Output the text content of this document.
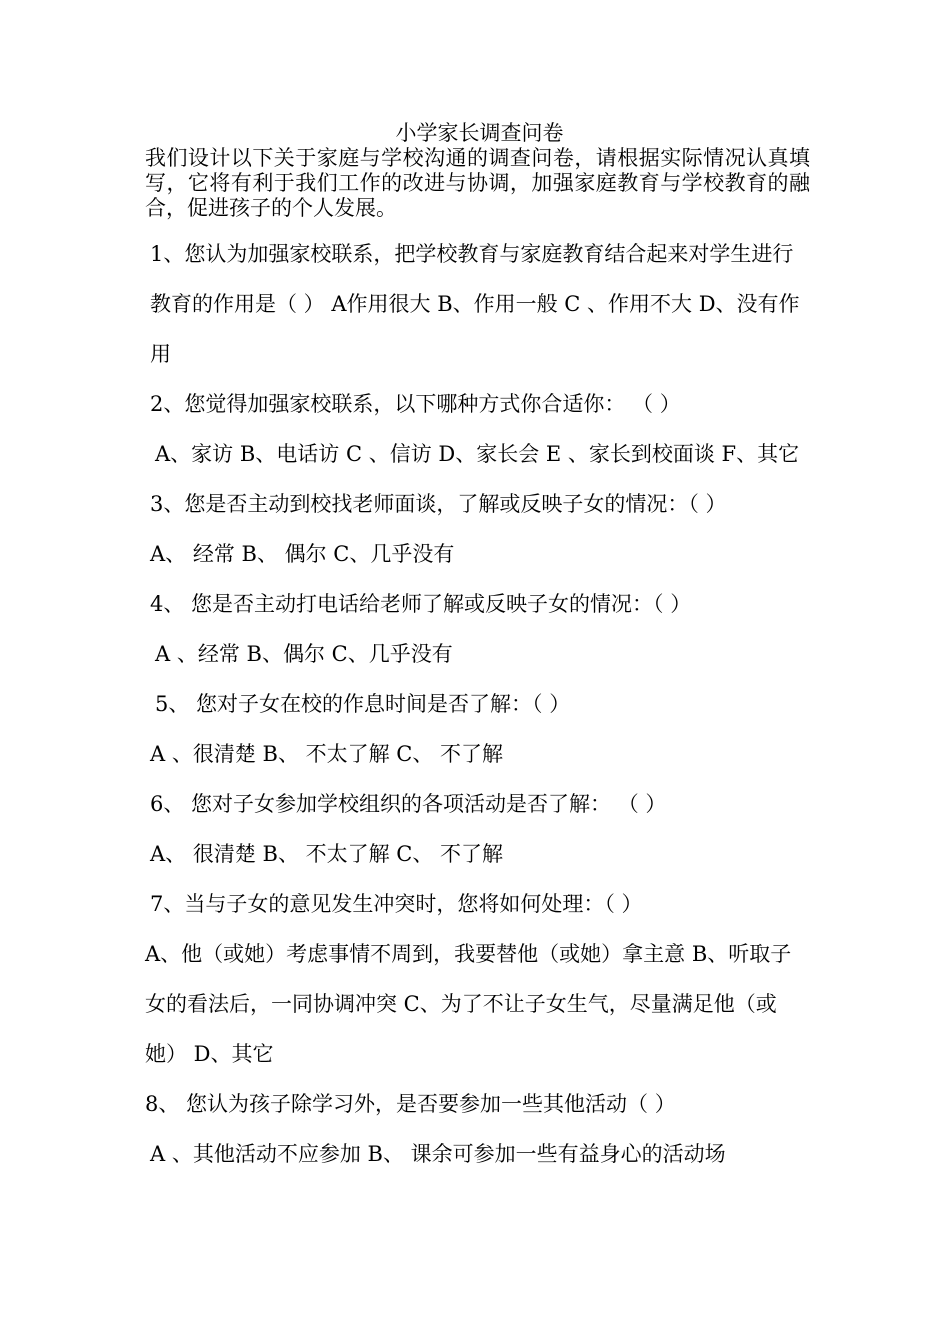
小学家长调查问卷

我们设计以下关于家庭与学校沟通的调查问卷，请根据实际情况认真填写，它将有利于我们工作的改进与协调，加强家庭教育与学校教育的融合，促进孩子的个人发展。

1、您认为加强家校联系，把学校教育与家庭教育结合起来对学生进行教育的作用是（ ） A作用很大 B、作用一般 C 、作用不大 D、没有作用
2、您觉得加强家校联系，以下哪种方式你合适你： （ ）
A、家访 B、电话访 C 、信访 D、家长会 E 、家长到校面谈 F、其它
3、您是否主动到校找老师面谈，了解或反映子女的情况：（ ）
A、 经常 B、 偶尔 C、几乎没有
4、 您是否主动打电话给老师了解或反映子女的情况：（ ）
A 、经常 B、偶尔 C、几乎没有
5、 您对子女在校的作息时间是否了解：（ ）
A 、很清楚 B、 不太了解 C、 不了解
6、 您对子女参加学校组织的各项活动是否了解： （ ）
A、 很清楚 B、 不太了解 C、 不了解
7、当与子女的意见发生冲突时，您将如何处理：（ ）
A、他（或她）考虑事情不周到，我要替他（或她）拿主意 B、听取子女的看法后，一同协调冲突 C、为了不让子女生气，尽量满足他（或她） D、其它
8、 您认为孩子除学习外，是否要参加一些其他活动（ ）
A 、其他活动不应参加 B、 课余可参加一些有益身心的活动场
